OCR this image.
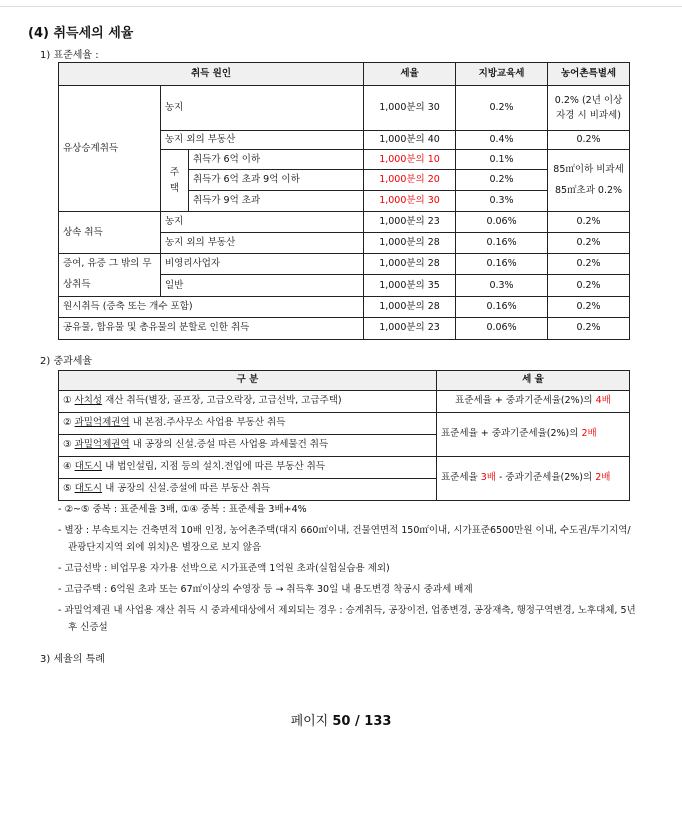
(4) 취득세의 세율
1) 표준세율 :
취득 원인			세율	지방교육세	농어촌특별세
유상승계취득	농지		1,000분의 30	0.2%	0.2% (2년 이상 자경 시 비과세)
	농지 외의 부동산		1,000분의 40	0.4%	0.2%
	주택	취득가 6억 이하	1,000분의 10	0.1%	85㎡이하 비과세 85㎡초과 0.2%
		취득가 6억 초과 9억 이하	1,000분의 20	0.2%	
		취득가 9억 초과	1,000분의 30	0.3%	
상속 취득	농지		1,000분의 23	0.06%	0.2%
	농지 외의 부동산		1,000분의 28	0.16%	0.2%
증여, 유증 그 밖의 무상취득	비영리사업자		1,000분의 28	0.16%	0.2%
	일반		1,000분의 35	0.3%	0.2%
원시취득 (증축 또는 개수 포함)			1,000분의 28	0.16%	0.2%
공유물, 합유물 및 총유물의 분할로 인한 취득			1,000분의 23	0.06%	0.2%
2) 중과세율
구 분	세 율
① 사치성 재산 취득(별장, 골프장, 고급오락장, 고급선박, 고급주택)	표준세율 + 중과기준세율(2%)의 4배
② 과밀억제권역 내 본점.주사무소 사업용 부동산 취득	표준세율 + 중과기준세율(2%)의 2배
③ 과밀억제권역 내 공장의 신설.증설 따른 사업용 과세물건 취득	
④ 대도시 내 법인설립, 지점 등의 설치.전입에 따른 부동산 취득	표준세율 3배 - 중과기준세율(2%)의 2배
⑤ 대도시 내 공장의 신설.증설에 따른 부동산 취득	
- ②~⑤ 중복 : 표준세율 3배, ①④ 중복 : 표준세율 3배+4%
- 별장 : 부속토지는 건축면적 10배 인정, 농어촌주택(대지 660㎡이내, 건물연면적 150㎡이내, 시가표준6500만원 이내, 수도권/투기지역/관광단지지역 외에 위치)은 별장으로 보지 않음
- 고급선박 : 비업무용 자가용 선박으로 시가표준액 1억원 초과(실험실습용 제외)
- 고급주택 : 6억원 초과 또는 67㎡이상의 수영장 등 → 취득후 30일 내 용도변경 착공시 중과세 배제
- 과밀억제권 내 사업용 재산 취득 시 중과세대상에서 제외되는 경우 : 승계취득, 공장이전, 업종변경, 공장재축, 행정구역변경, 노후대체, 5년후 신증설
3) 세율의 특례
페이지 50 / 133
